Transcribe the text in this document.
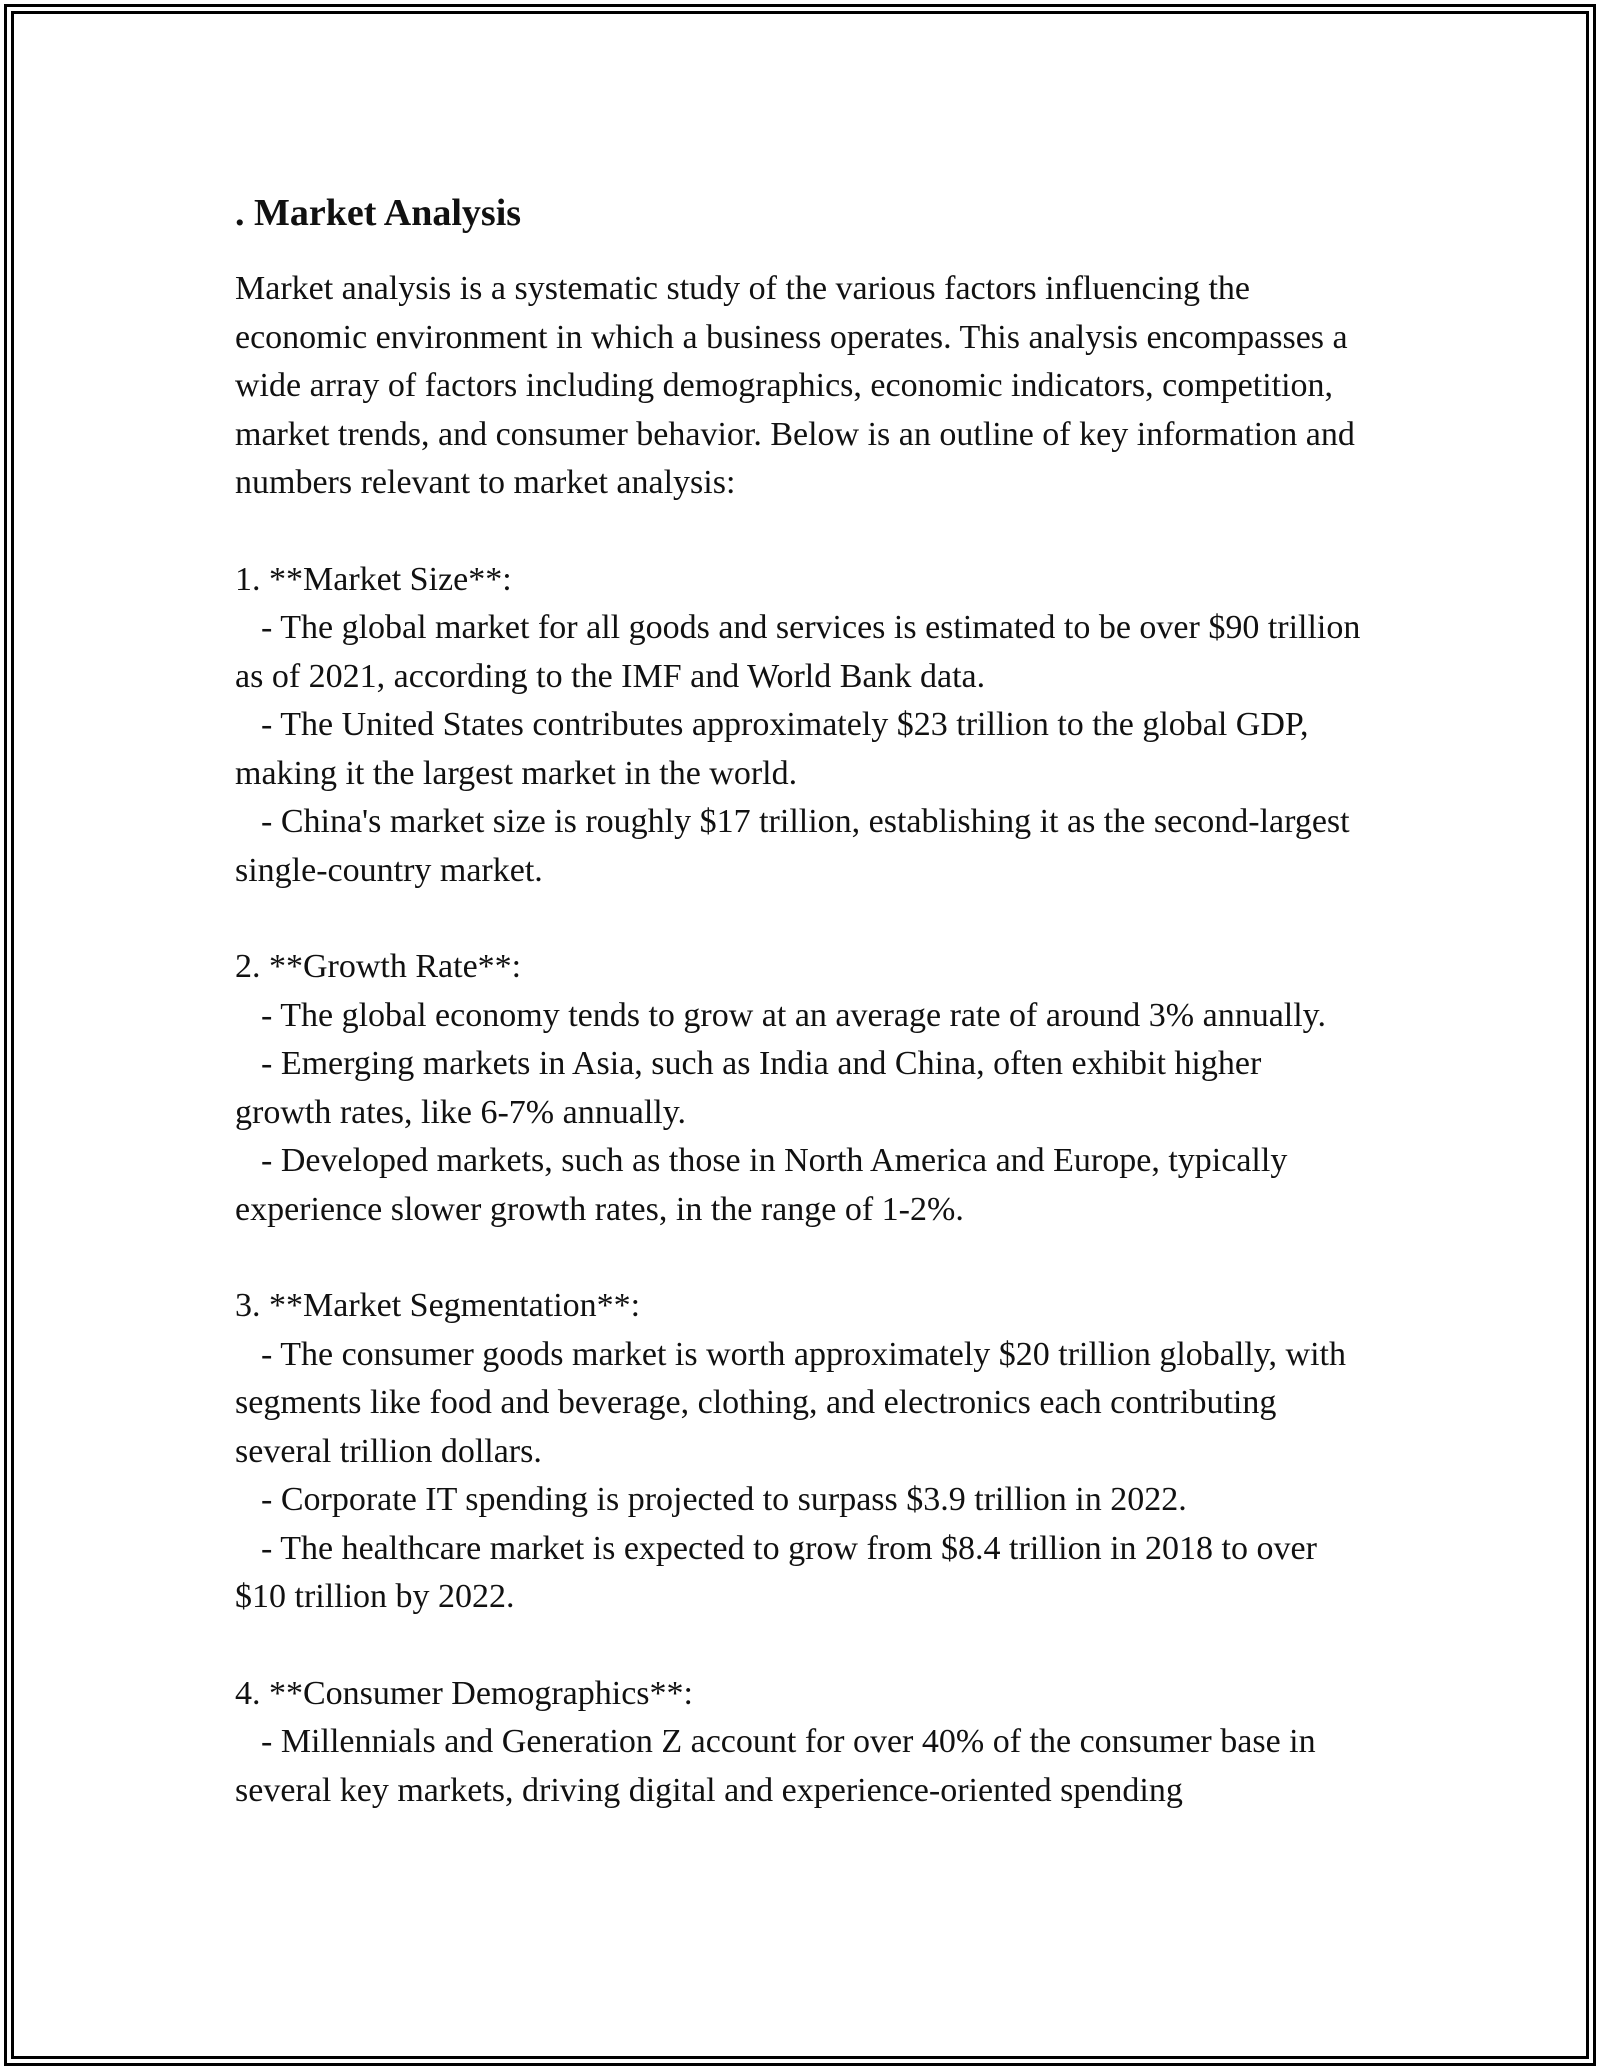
. Market Analysis

Market analysis is a systematic study of the various factors influencing the economic environment in which a business operates. This analysis encompasses a wide array of factors including demographics, economic indicators, competition, market trends, and consumer behavior. Below is an outline of key information and numbers relevant to market analysis:

1. **Market Size**:
- The global market for all goods and services is estimated to be over $90 trillion as of 2021, according to the IMF and World Bank data.
- The United States contributes approximately $23 trillion to the global GDP, making it the largest market in the world.
- China's market size is roughly $17 trillion, establishing it as the second-largest single-country market.
2. **Growth Rate**:
- The global economy tends to grow at an average rate of around 3% annually.
- Emerging markets in Asia, such as India and China, often exhibit higher growth rates, like 6-7% annually.
- Developed markets, such as those in North America and Europe, typically experience slower growth rates, in the range of 1-2%.
3. **Market Segmentation**:
- The consumer goods market is worth approximately $20 trillion globally, with segments like food and beverage, clothing, and electronics each contributing several trillion dollars.
- Corporate IT spending is projected to surpass $3.9 trillion in 2022.
- The healthcare market is expected to grow from $8.4 trillion in 2018 to over $10 trillion by 2022.
4. **Consumer Demographics**:
- Millennials and Generation Z account for over 40% of the consumer base in several key markets, driving digital and experience-oriented spending
